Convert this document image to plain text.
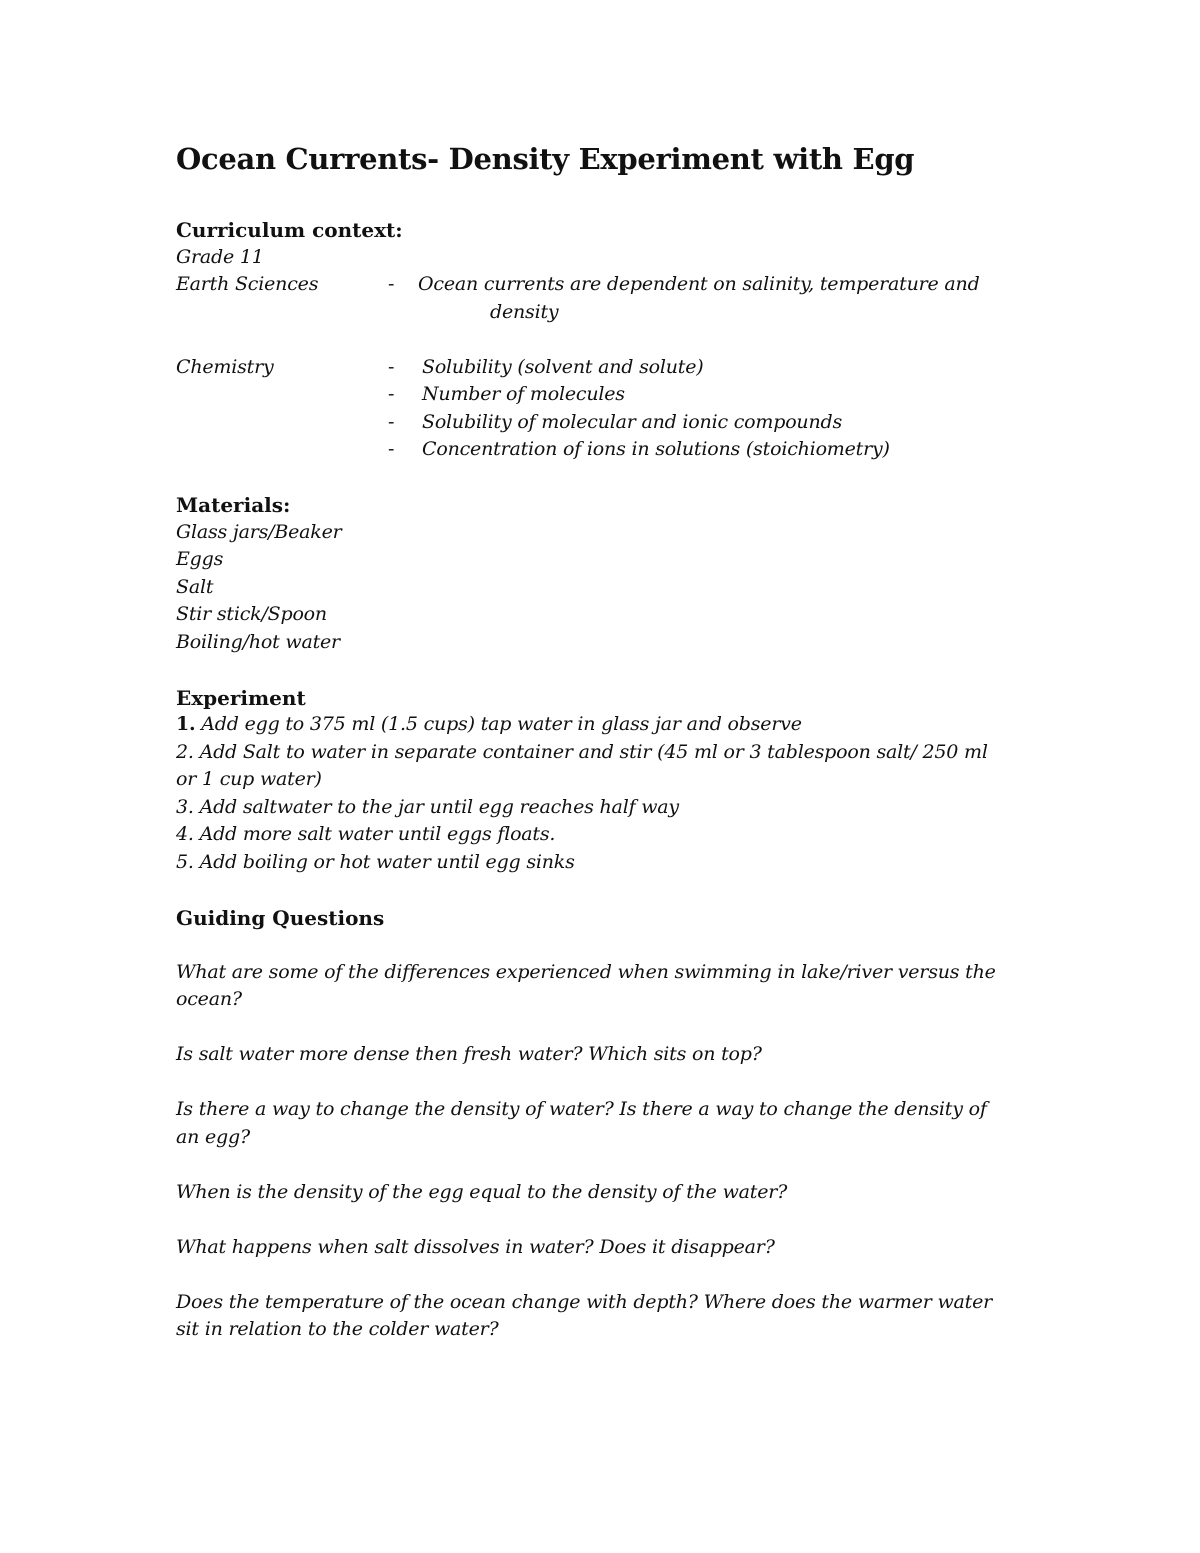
Ocean Currents- Density Experiment with Egg
Curriculum context:
Grade 11
Earth Sciences	- Ocean currents are dependent on salinity, temperature and
density
Chemistry	- Solubility (solvent and solute)
- Number of molecules
- Solubility of molecular and ionic compounds
- Concentration of ions in solutions (stoichiometry)
Materials:
Glass jars/Beaker
Eggs
Salt
Stir stick/Spoon
Boiling/hot water
Experiment
1. Add egg to 375 ml (1.5 cups) tap water in glass jar and observe
2. Add Salt to water in separate container and stir (45 ml or 3 tablespoon salt/ 250 ml
or 1 cup water)
3. Add saltwater to the jar until egg reaches half way
4. Add more salt water until eggs floats.
5. Add boiling or hot water until egg sinks
Guiding Questions
What are some of the differences experienced when swimming in lake/river versus the
ocean?
Is salt water more dense then fresh water? Which sits on top?
Is there a way to change the density of water? Is there a way to change the density of
an egg?
When is the density of the egg equal to the density of the water?
What happens when salt dissolves in water? Does it disappear?
Does the temperature of the ocean change with depth? Where does the warmer water
sit in relation to the colder water?
